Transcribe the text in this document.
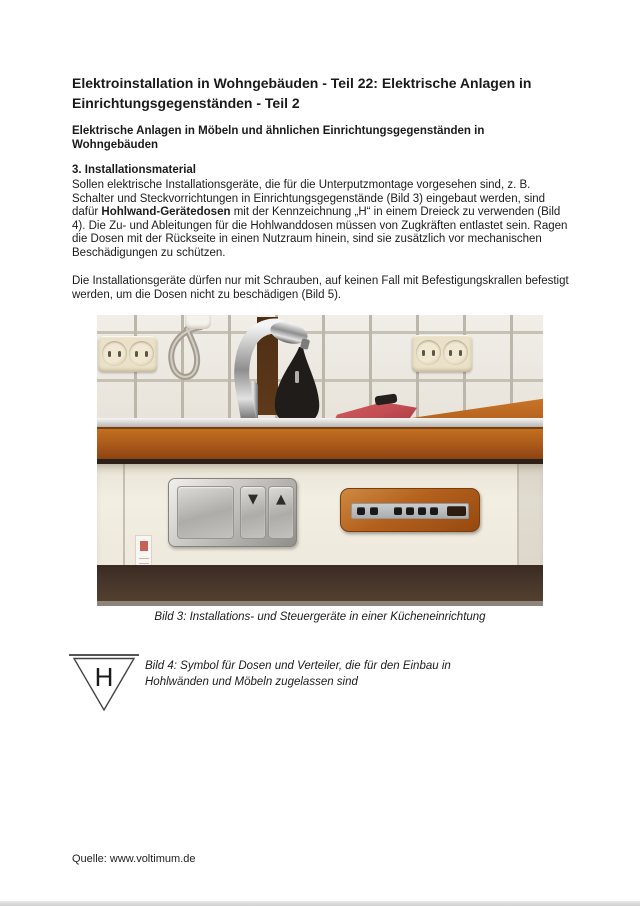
Elektroinstallation in Wohngebäuden - Teil 22: Elektrische Anlagen in Einrichtungsgegenständen - Teil 2
Elektrische Anlagen in Möbeln und ähnlichen Einrichtungsgegenständen in Wohngebäuden
3. Installationsmaterial

Sollen elektrische Installationsgeräte, die für die Unterputzmontage vorgesehen sind, z. B. Schalter und Steckvorrichtungen in Einrichtungsgegenstände (Bild 3) eingebaut werden, sind dafür Hohlwand-Gerätedosen mit der Kennzeichnung „H“ in einem Dreieck zu verwenden (Bild 4). Die Zu- und Ableitungen für die Hohlwanddosen müssen von Zugkräften entlastet sein. Ragen die Dosen mit der Rückseite in einen Nutzraum hinein, sind sie zusätzlich vor mechanischen Beschädigungen zu schützen.

Die Installationsgeräte dürfen nur mit Schrauben, auf keinen Fall mit Befestigungskrallen befestigt werden, um die Dosen nicht zu beschädigen (Bild 5).

▼	▲
Bild 3: Installations- und Steuergeräte in einer Kücheneinrichtung
H	Bild 4: Symbol für Dosen und Verteiler, die für den Einbau in Hohlwänden und Möbeln zugelassen sind
Quelle: www.voltimum.de
